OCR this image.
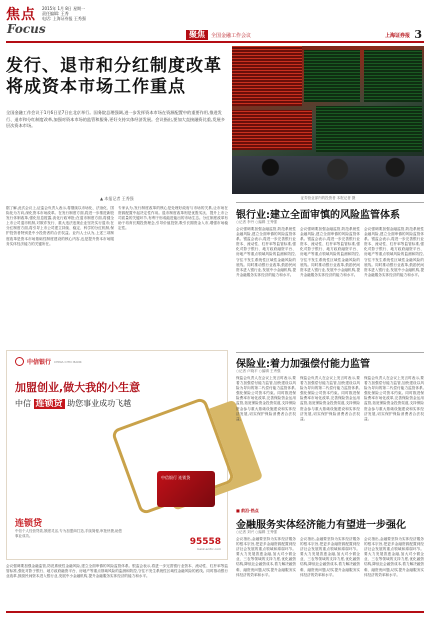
焦点
Focus
2015年 1月 8日 星期一
责任编辑: 王秀
电话: 上海证券报 王秀强
聚焦	全国金融工作会议	上海证券报 3
发行、退市和分红制度改革
将成资本市场工作重点
全国金融工作会议于1月6日至7日在北京举行。国务院总理强调,进一步发挥资本市场在资源配置中的重要作用,推进发行、退市和分红制度改革,加强对资本市场的监管和服务,更好支持实体经济发展。会议指出,要加大直接融资比重,发展多层次资本市场。
▲ 本报记者 王秀强	证券营业部内的投资者 本报记者 摄
据了解,此次会议上,证监会负责人表示,将继续以市场化、法治化、国际化为方向,深化资本市场改革。在发行制度方面,将进一步推进新股发行体制改革,强化信息披露,淡化行政审批;在退市制度方面,将健全上市公司退市机制,对欺诈发行、重大违法违规企业坚决实行退市;在分红制度方面,将引导上市公司建立持续、稳定、科学的分红机制,保护投资者特别是中小投资者的合法权益。业内人士认为,上述三项制度改革是资本市场基础性制度建设的核心内容,也是提升资本市场服务实体经济能力的关键所在。
专家认为,发行制度改革的核心是处理好政府与市场的关系,让市场在资源配置中起决定性作用。退市制度改革则是优胜劣汰、提升上市公司质量的关键环节,有利于形成能进能出的市场生态。分红制度改革有助于培育长期投资理念,引导价值投资,吸引长期资金入市,增强市场稳定性。
中信银行 CHINA CITIC BANK
加盟创业,做大我的小生意
中信 连锁贷 助您事业成功飞越
中信银行 连锁贷
连锁贷
中信个人经营贷款,额度灵活,专为加盟商打造,手续简便,审批快捷,助您事业成功。
95558
bank.ecitic.com
银行业:建立全面审慎的风险监管体系
○记者 李丹 ○编辑 王秀强
会议强调要加强金融监管,防范系统性金融风险,建立全面审慎的风险监管体系。银监会表示,将进一步完善银行业资本、流动性、杠杆率等监管标准,强化对影子银行、地方政府融资平台、房地产等重点领域风险的监测和防控,守住不发生系统性区域性金融风险的底线。同时推动银行业改革,鼓励民间资本进入银行业,发展中小金融机构,提升金融服务实体经济的能力和水平。
会议强调要加强金融监管,防范系统性金融风险,建立全面审慎的风险监管体系。银监会表示,将进一步完善银行业资本、流动性、杠杆率等监管标准,强化对影子银行、地方政府融资平台、房地产等重点领域风险的监测和防控,守住不发生系统性区域性金融风险的底线。同时推动银行业改革,鼓励民间资本进入银行业,发展中小金融机构,提升金融服务实体经济的能力和水平。
会议强调要加强金融监管,防范系统性金融风险,建立全面审慎的风险监管体系。银监会表示,将进一步完善银行业资本、流动性、杠杆率等监管标准,强化对影子银行、地方政府融资平台、房地产等重点领域风险的监测和防控,守住不发生系统性区域性金融风险的底线。同时推动银行业改革,鼓励民间资本进入银行业,发展中小金融机构,提升金融服务实体经济的能力和水平。
保险业:着力加强偿付能力监管
○记者 卢晓平 ○编辑 王秀强
保监会负责人在会议上发言时表示,要着力加强偿付能力监管,加快建设以风险为导向的第二代偿付能力监管体系,强化保险公司资本约束。同时推进保险费率市场化改革,完善保险资金运用监管,拓宽保险资金投资渠道,支持保险资金参与重大基础设施建设和实体经济发展,切实保护保险消费者合法权益。
保监会负责人在会议上发言时表示,要着力加强偿付能力监管,加快建设以风险为导向的第二代偿付能力监管体系,强化保险公司资本约束。同时推进保险费率市场化改革,完善保险资金运用监管,拓宽保险资金投资渠道,支持保险资金参与重大基础设施建设和实体经济发展,切实保护保险消费者合法权益。
保监会负责人在会议上发言时表示,要着力加强偿付能力监管,加快建设以风险为导向的第二代偿付能力监管体系,强化保险公司资本约束。同时推进保险费率市场化改革,完善保险资金运用监管,拓宽保险资金投资渠道,支持保险资金参与重大基础设施建设和实体经济发展,切实保护保险消费者合法权益。
■ 前沿·热点
金融服务实体经济能力有望进一步强化
○记者 刘兴 ○编辑 王秀强
会议指出,金融要坚持为实体经济服务的根本宗旨,把更多金融资源配置到经济社会发展的重点领域和薄弱环节。要大力发展普惠金融,加大对小微企业、三农等领域的支持力度,优化融资结构,降低社会融资成本,着力解决融资难、融资贵问题,切实提升金融服务实体经济的效率和水平。
会议指出,金融要坚持为实体经济服务的根本宗旨,把更多金融资源配置到经济社会发展的重点领域和薄弱环节。要大力发展普惠金融,加大对小微企业、三农等领域的支持力度,优化融资结构,降低社会融资成本,着力解决融资难、融资贵问题,切实提升金融服务实体经济的效率和水平。
会议指出,金融要坚持为实体经济服务的根本宗旨,把更多金融资源配置到经济社会发展的重点领域和薄弱环节。要大力发展普惠金融,加大对小微企业、三农等领域的支持力度,优化融资结构,降低社会融资成本,着力解决融资难、融资贵问题,切实提升金融服务实体经济的效率和水平。
会议强调要加强金融监管,防范系统性金融风险,建立全面审慎的风险监管体系。银监会表示,将进一步完善银行业资本、流动性、杠杆率等监管标准,强化对影子银行、地方政府融资平台、房地产等重点领域风险的监测和防控,守住不发生系统性区域性金融风险的底线。同时推动银行业改革,鼓励民间资本进入银行业,发展中小金融机构,提升金融服务实体经济的能力和水平。
